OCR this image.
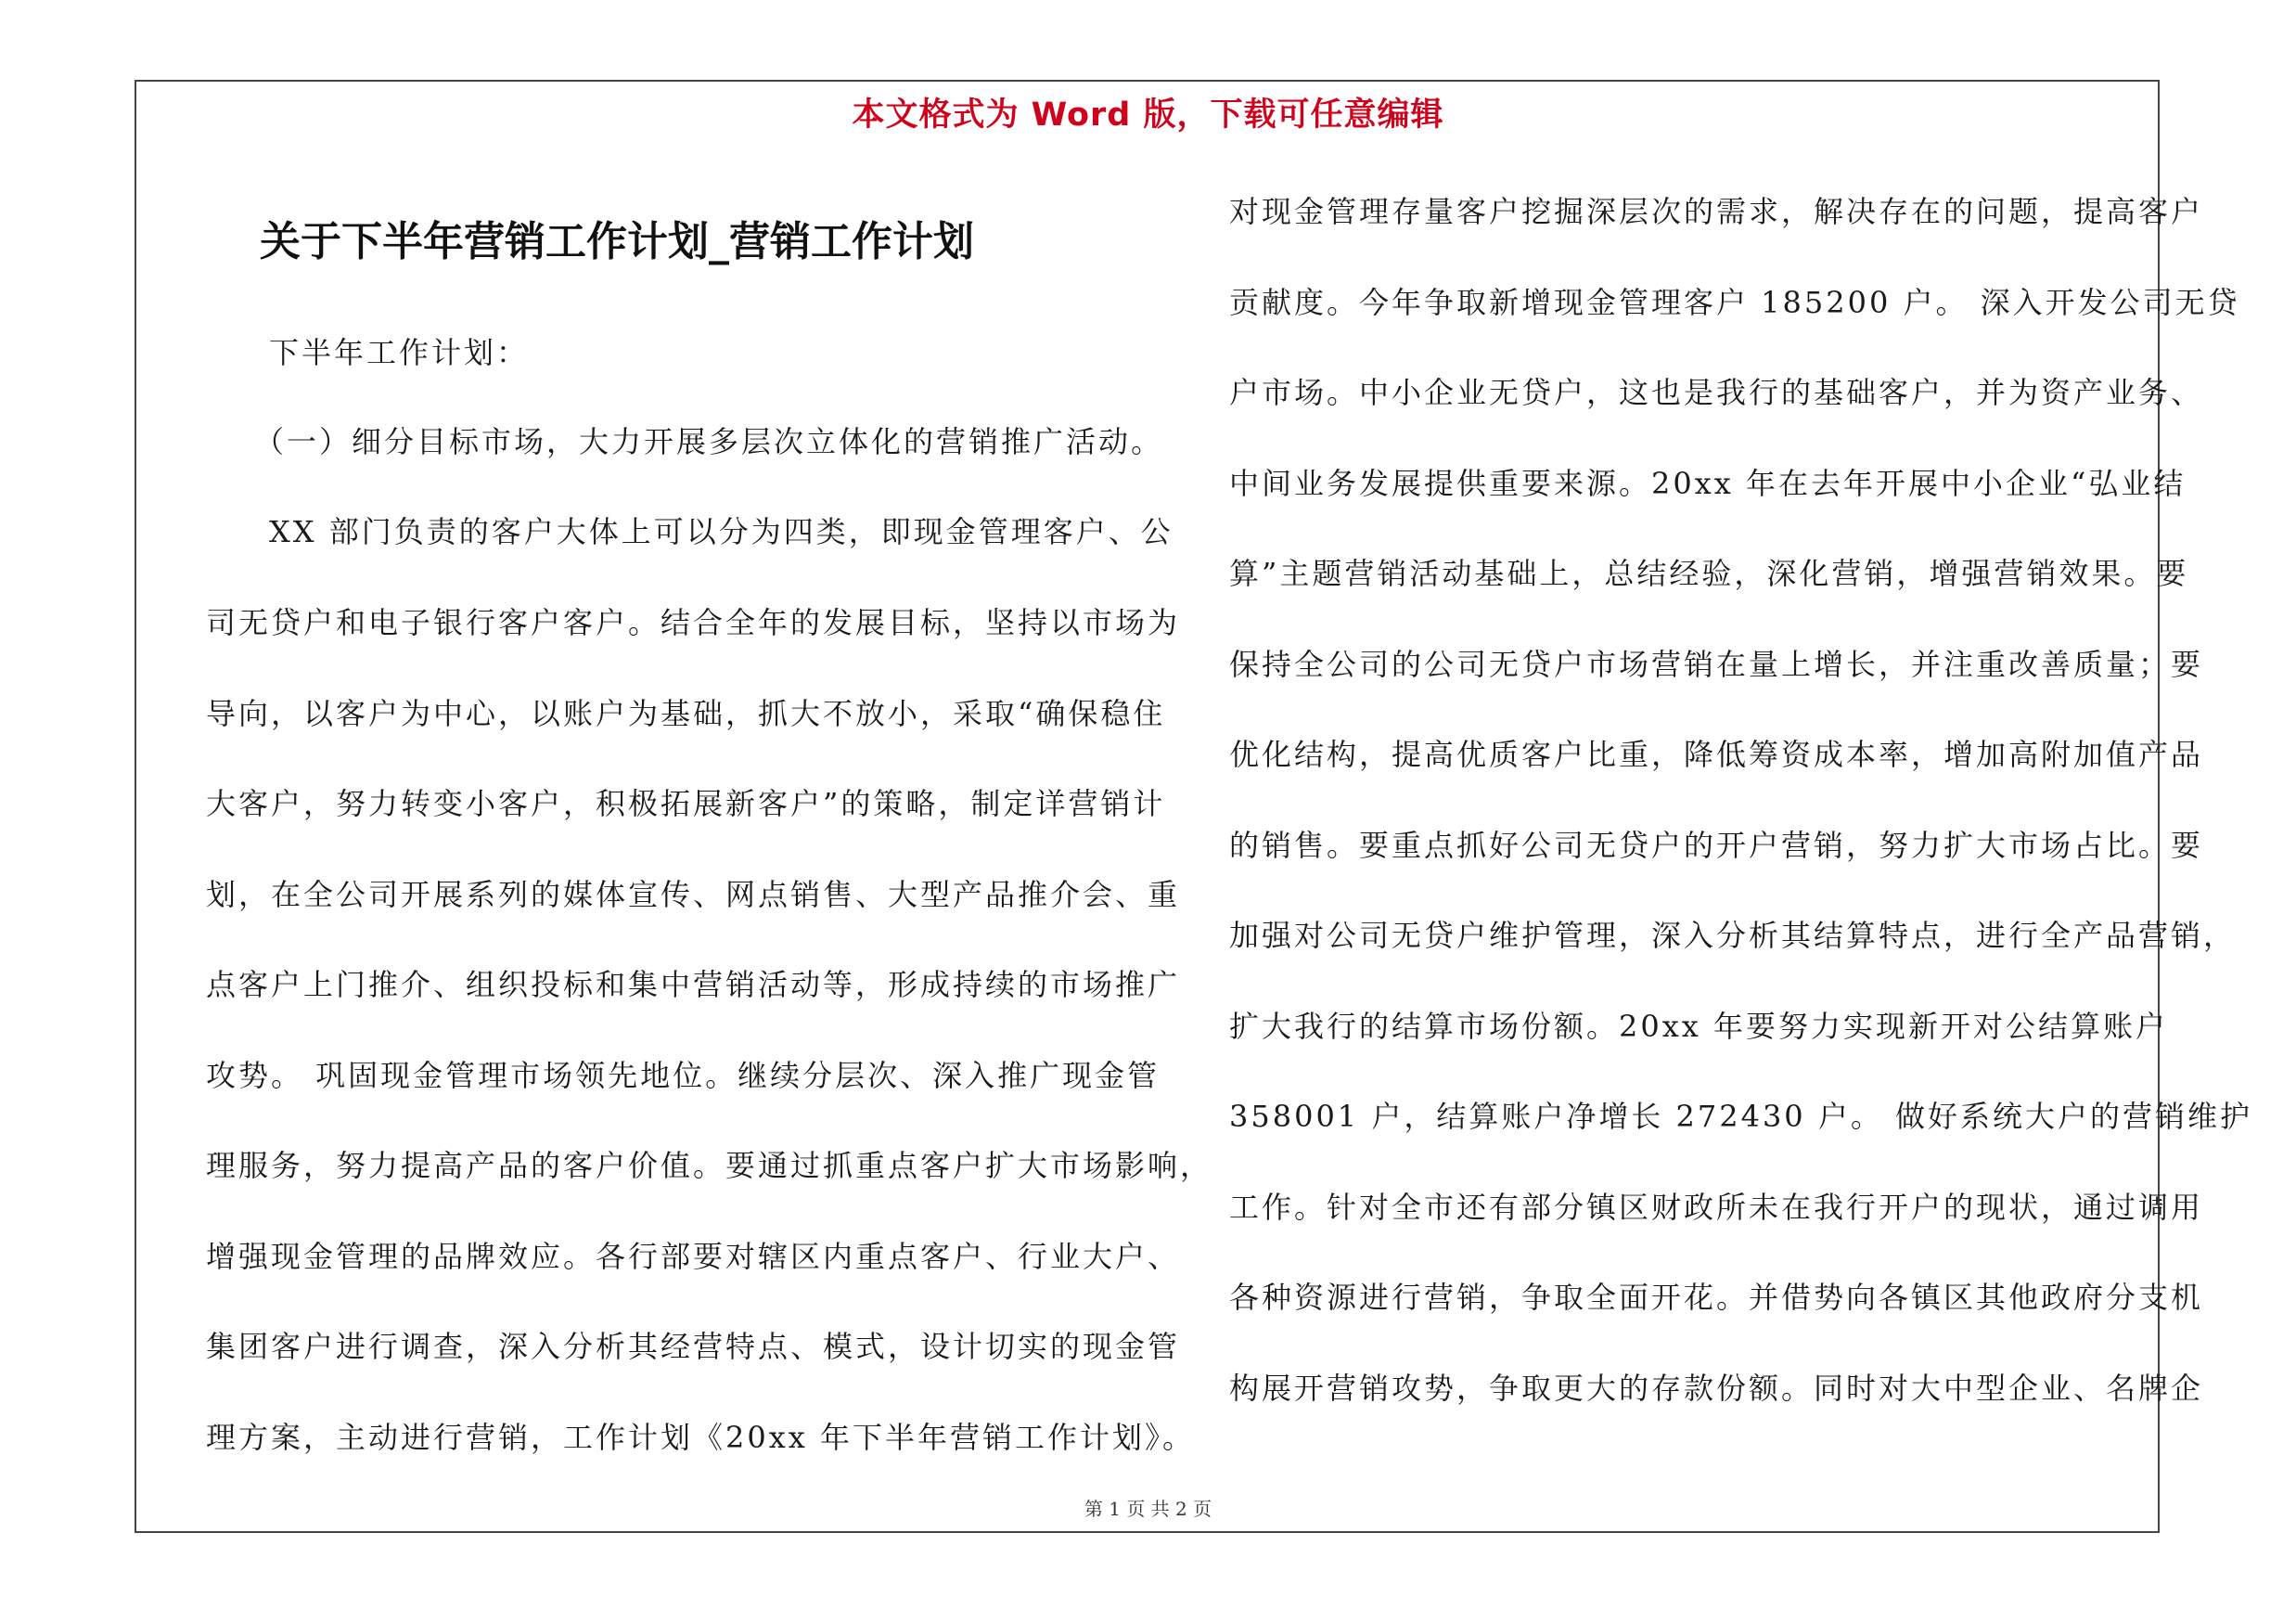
本文格式为 Word 版，下载可任意编辑
关于下半年营销工作计划_营销工作计划
下半年工作计划：
（一）细分目标市场，大力开展多层次立体化的营销推广活动。
XX 部门负责的客户大体上可以分为四类，即现金管理客户、公
司无贷户和电子银行客户客户。结合全年的发展目标，坚持以市场为
导向，以客户为中心，以账户为基础，抓大不放小，采取“确保稳住
大客户，努力转变小客户，积极拓展新客户”的策略，制定详营销计
划，在全公司开展系列的媒体宣传、网点销售、大型产品推介会、重
点客户上门推介、组织投标和集中营销活动等，形成持续的市场推广
攻势。 巩固现金管理市场领先地位。继续分层次、深入推广现金管
理服务，努力提高产品的客户价值。要通过抓重点客户扩大市场影响，
增强现金管理的品牌效应。各行部要对辖区内重点客户、行业大户、
集团客户进行调查，深入分析其经营特点、模式，设计切实的现金管
理方案，主动进行营销，工作计划《20xx 年下半年营销工作计划》。
对现金管理存量客户挖掘深层次的需求，解决存在的问题，提高客户
贡献度。今年争取新增现金管理客户 185200 户。 深入开发公司无贷
户市场。中小企业无贷户，这也是我行的基础客户，并为资产业务、
中间业务发展提供重要来源。20xx 年在去年开展中小企业“弘业结
算”主题营销活动基础上，总结经验，深化营销，增强营销效果。要
保持全公司的公司无贷户市场营销在量上增长，并注重改善质量；要
优化结构，提高优质客户比重，降低筹资成本率，增加高附加值产品
的销售。要重点抓好公司无贷户的开户营销，努力扩大市场占比。要
加强对公司无贷户维护管理，深入分析其结算特点，进行全产品营销，
扩大我行的结算市场份额。20xx 年要努力实现新开对公结算账户
358001 户，结算账户净增长 272430 户。 做好系统大户的营销维护
工作。针对全市还有部分镇区财政所未在我行开户的现状，通过调用
各种资源进行营销，争取全面开花。并借势向各镇区其他政府分支机
构展开营销攻势，争取更大的存款份额。同时对大中型企业、名牌企
第 1 页 共 2 页
